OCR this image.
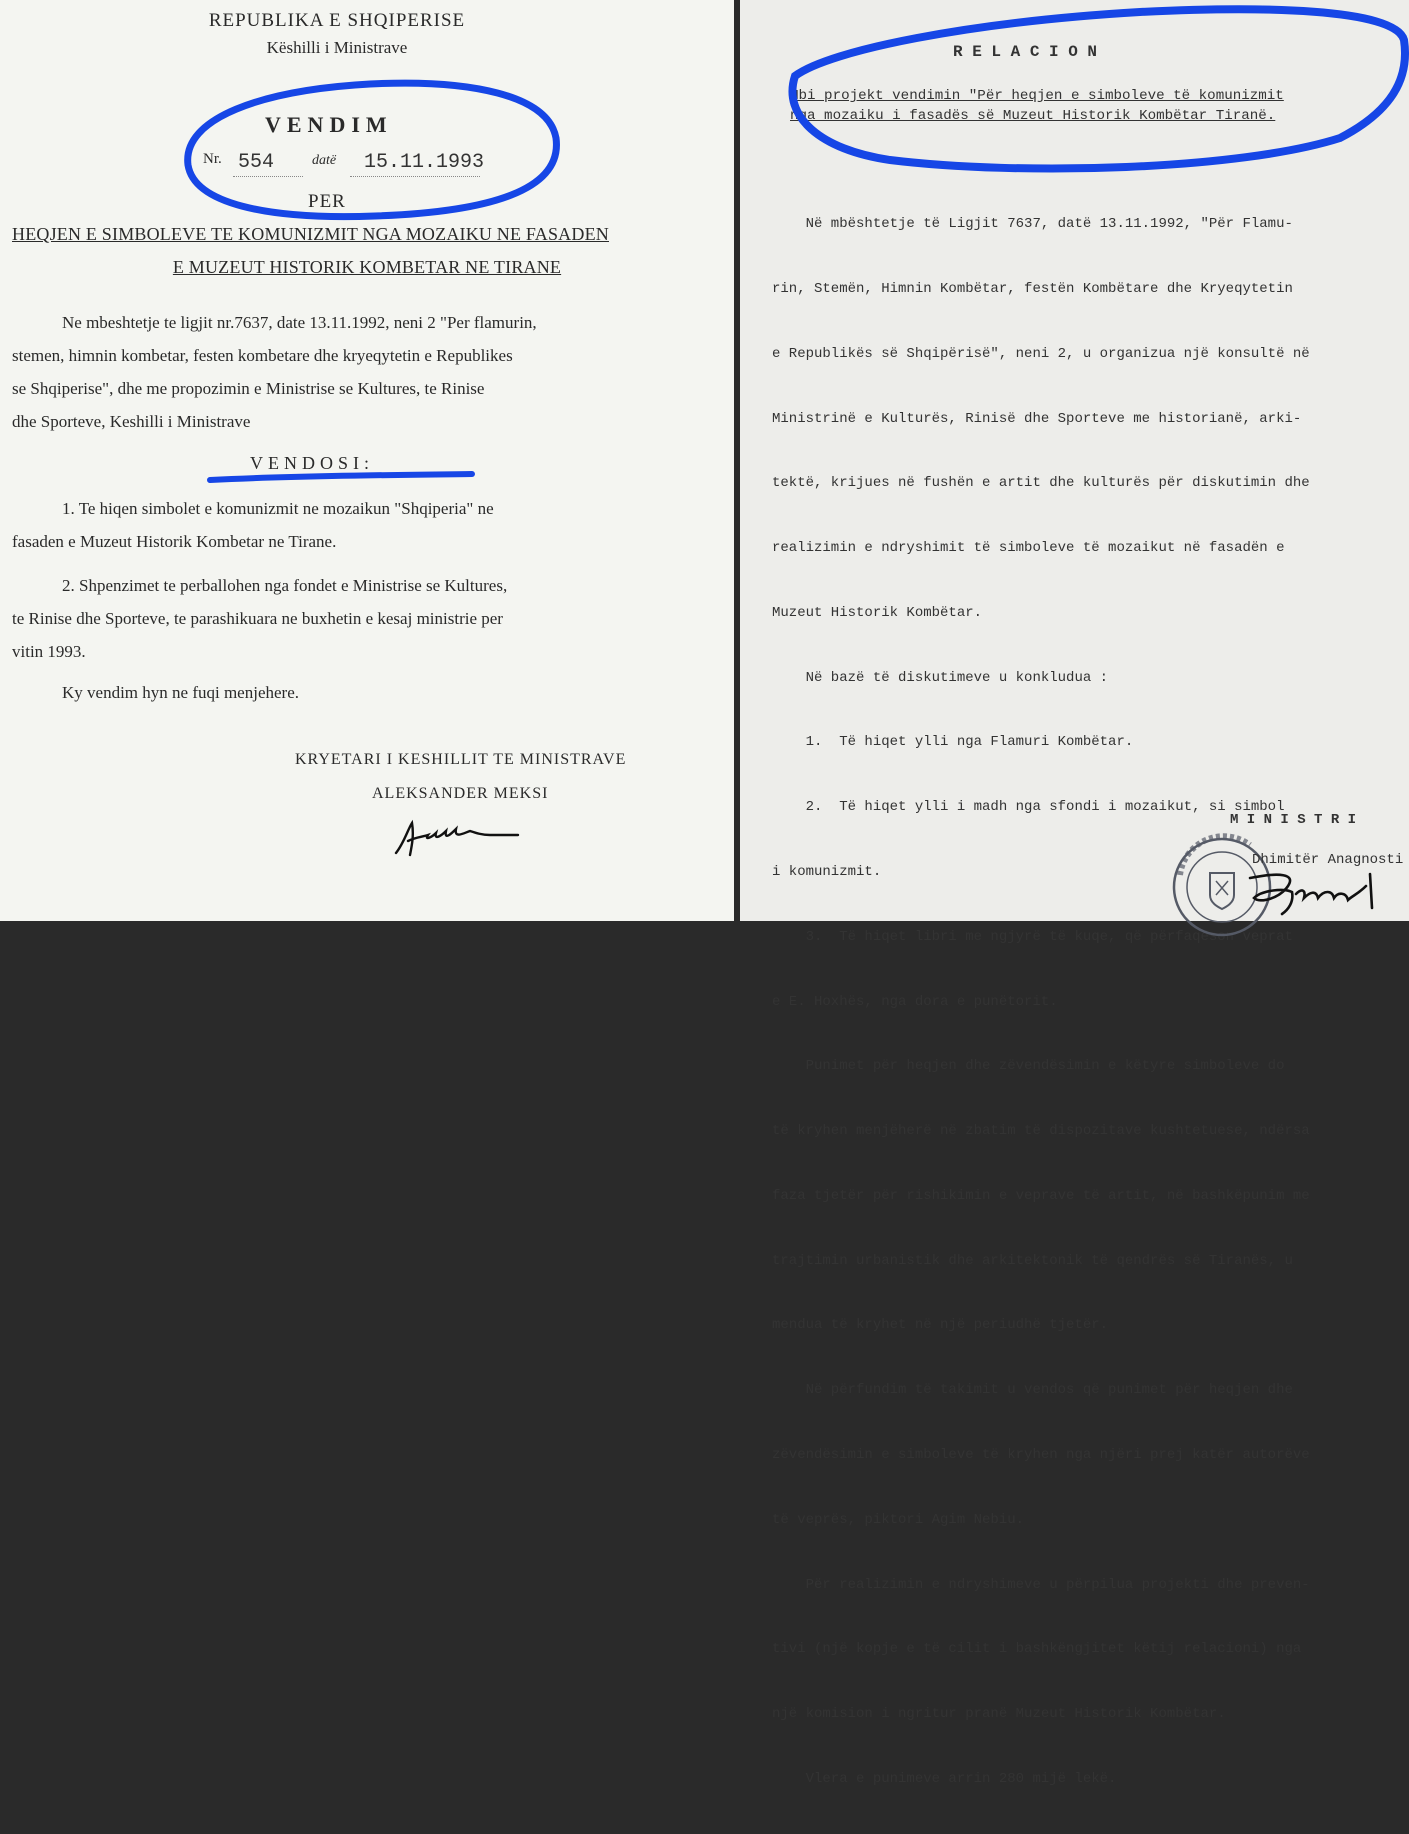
REPUBLIKA E SHQIPERISE
Këshilli i Ministrave
VENDIM
Nr. 554	datë 15.11.1993
PER
HEQJEN E SIMBOLEVE TE KOMUNIZMIT NGA MOZAIKU NE FASADEN
E MUZEUT HISTORIK KOMBETAR NE TIRANE
Ne mbeshtetje te ligjit nr.7637, date 13.11.1992, neni 2 "Per flamurin,
stemen, himnin kombetar, festen kombetare dhe kryeqytetin e Republikes
se Shqiperise", dhe me propozimin e Ministrise se Kultures, te Rinise
dhe Sporteve, Keshilli i Ministrave
VENDOSI:
1. Te hiqen simbolet e komunizmit ne mozaikun "Shqiperia" ne
fasaden e Muzeut Historik Kombetar ne Tirane.
2. Shpenzimet te perballohen nga fondet e Ministrise se Kultures,
te Rinise dhe Sporteve, te parashikuara ne buxhetin e kesaj ministrie per
vitin 1993.
Ky vendim hyn ne fuqi menjehere.
KRYETARI I KESHILLIT TE MINISTRAVE
ALEKSANDER MEKSI
R E L A C I O N
Mbi projekt vendimin "Për heqjen e simboleve të komunizmit
nga mozaiku i fasadës së Muzeut Historik Kombëtar Tiranë.

Në mbështetje të Ligjit 7637, datë 13.11.1992, "Për Flamu-

rin, Stemën, Himnin Kombëtar, festën Kombëtare dhe Kryeqytetin

e Republikës së Shqipërisë", neni 2, u organizua një konsultë në

Ministrinë e Kulturës, Rinisë dhe Sporteve me historianë, arki-

tektë, krijues në fushën e artit dhe kulturës për diskutimin dhe

realizimin e ndryshimit të simboleve të mozaikut në fasadën e

Muzeut Historik Kombëtar.

Në bazë të diskutimeve u konkludua :

1.  Të hiqet ylli nga Flamuri Kombëtar.

2.  Të hiqet ylli i madh nga sfondi i mozaikut, si simbol

i komunizmit.

3.  Të hiqet libri me ngjyrë të kuqe, që përfaqëson veprat

e E. Hoxhës, nga dora e punëtorit.

Punimet për heqjen dhe zëvendësimin e këtyre simboleve do

të kryhen menjëherë në zbatim të dispozitave kushtetuese, ndërsa

faza tjetër për rishikimin e veprave të artit, në bashkëpunim me

trajtimin urbanistik dhe arkitektonik të qendrës së Tiranës, u

mendua të kryhet në një periudhë tjetër.

Në përfundim të takimit u vendos që punimet për heqjen dhe

zëvendësimin e simboleve të kryhen nga njëri prej katër autorëve

të veprës, piktori Agim Nebiu.

Për realizimin e ndryshimeve u përpilua projekti dhe preven-

tivi (një kopje e të cilit i bashkëngjitet këtij relacioni) nga

një komision i ngritur pranë Muzeut Historik Kombëtar.

Vlera e punimeve arrin 280 mijë lekë.

M I N I S T R I
Dhimitër Anagnosti
